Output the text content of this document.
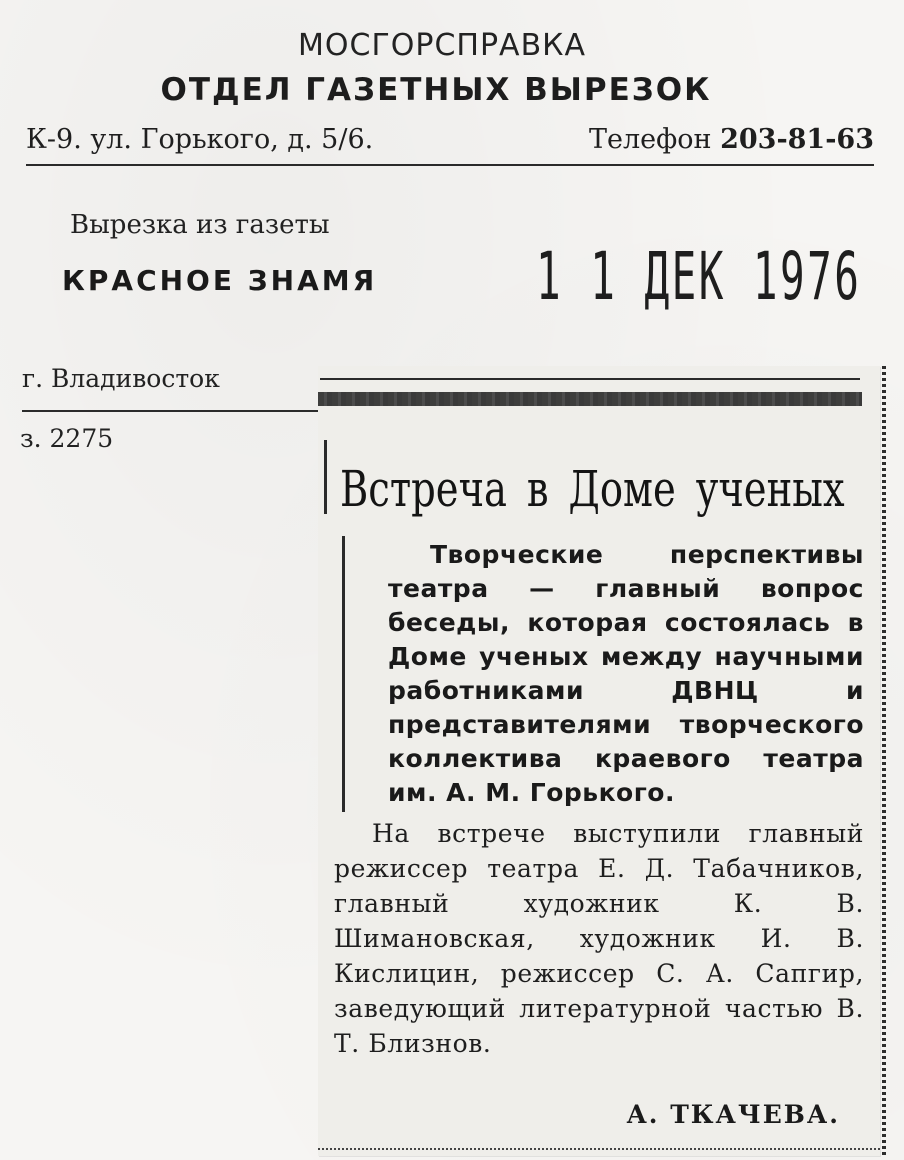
МОСГОРСПРАВКА
ОТДЕЛ ГАЗЕТНЫХ ВЫРЕЗОК
К-9. ул. Горького, д. 5/6.	Телефон 203-81-63
Вырезка из газеты
КРАСНОЕ ЗНАМЯ 1 1 ДЕК 1976
г. Владивосток
з. 2275
Встреча в Доме ученых
Творческие перспективы театра — главный вопрос беседы, которая состоялась в Доме ученых между научными работниками ДВНЦ и представителями творческого коллектива краевого театра им. А. М. Горького.
На встрече выступили главный режиссер театра Е. Д. Табачников, главный художник К. В. Шимановская, художник И. В. Кислицин, режиссер С. А. Сапгир, заведующий литературной частью В. Т. Близнов.
А. ТКАЧЕВА.
